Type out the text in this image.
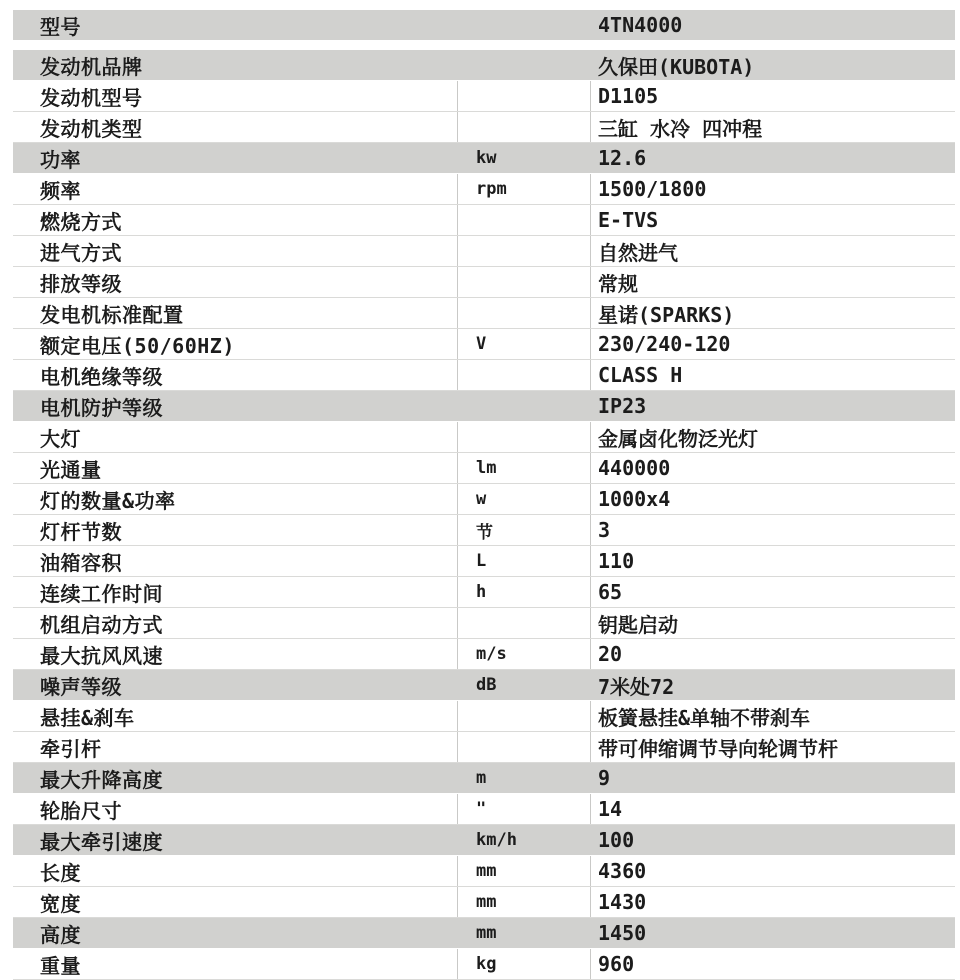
型号	4TN4000
发动机品牌	久保田(KUBOTA)
发动机型号	D1105
发动机类型	三缸 水冷 四冲程
功率	kw	12.6
频率	rpm	1500/1800
燃烧方式	E-TVS
进气方式	自然进气
排放等级	常规
发电机标准配置	星诺(SPARKS)
额定电压(50/60HZ)	V	230/240-120
电机绝缘等级	CLASS H
电机防护等级	IP23
大灯	金属卤化物泛光灯
光通量	lm	440000
灯的数量&功率	w	1000x4
灯杆节数	节	3
油箱容积	L	110
连续工作时间	h	65
机组启动方式	钥匙启动
最大抗风风速	m/s	20
噪声等级	dB	7米处72
悬挂&刹车	板簧悬挂&单轴不带刹车
牵引杆	带可伸缩调节导向轮调节杆
最大升降高度	m	9
轮胎尺寸	"	14
最大牵引速度	km/h	100
长度	mm	4360
宽度	mm	1430
高度	mm	1450
重量	kg	960
